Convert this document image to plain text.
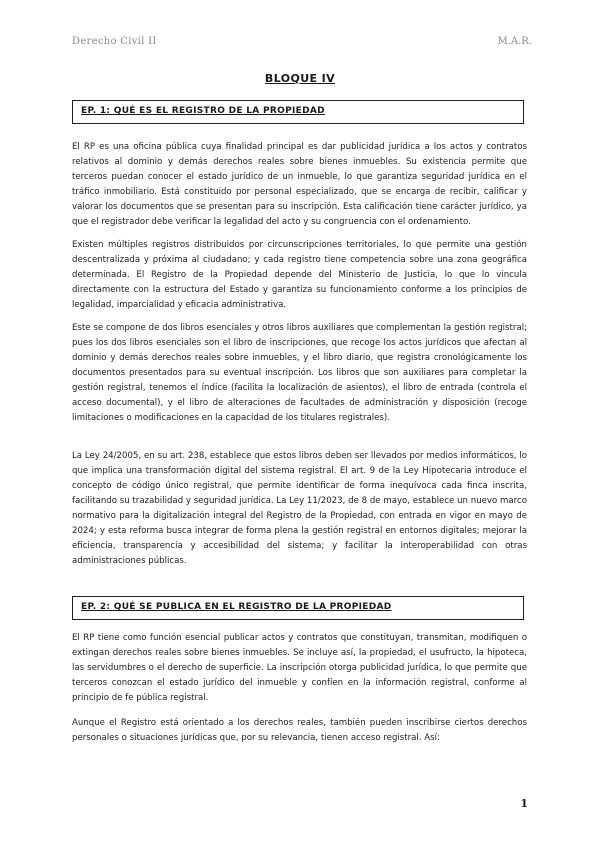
Derecho Civil II	M.A.R.
BLOQUE IV
EP. 1: QUÉ ES EL REGISTRO DE LA PROPIEDAD

El RP es una oficina pública cuya finalidad principal es dar publicidad jurídica a los actos y contratos relativos al dominio y demás derechos reales sobre bienes inmuebles. Su existencia permite que terceros puedan conocer el estado jurídico de un inmueble, lo que garantiza seguridad jurídica en el tráfico inmobiliario. Está constituido por personal especializado, que se encarga de recibir, calificar y valorar los documentos que se presentan para su inscripción. Esta calificación tiene carácter jurídico, ya que el registrador debe verificar la legalidad del acto y su congruencia con el ordenamiento.

Existen múltiples registros distribuidos por circunscripciones territoriales, lo que permite una gestión descentralizada y próxima al ciudadano; y cada registro tiene competencia sobre una zona geográfica determinada. El Registro de la Propiedad depende del Ministerio de Justicia, lo que lo vincula directamente con la estructura del Estado y garantiza su funcionamiento conforme a los principios de legalidad, imparcialidad y eficacia administrativa.

Este se compone de dos libros esenciales y otros libros auxiliares que complementan la gestión registral; pues los dos libros esenciales son el libro de inscripciones, que recoge los actos jurídicos que afectan al dominio y demás derechos reales sobre inmuebles, y el libro diario, que registra cronológicamente los documentos presentados para su eventual inscripción. Los libros que son auxiliares para completar la gestión registral, tenemos el índice (facilita la localización de asientos), el libro de entrada (controla el acceso documental), y el libro de alteraciones de facultades de administración y disposición (recoge limitaciones o modificaciones en la capacidad de los titulares registrales).

La Ley 24/2005, en su art. 238, establece que estos libros deben ser llevados por medios informáticos, lo que implica una transformación digital del sistema registral. El art. 9 de la Ley Hipotecaria introduce el concepto de código único registral, que permite identificar de forma inequívoca cada finca inscrita, facilitando su trazabilidad y seguridad jurídica. La Ley 11/2023, de 8 de mayo, establece un nuevo marco normativo para la digitalización integral del Registro de la Propiedad, con entrada en vigor en mayo de 2024; y esta reforma busca integrar de forma plena la gestión registral en entornos digitales; mejorar la eficiencia, transparencia y accesibilidad del sistema; y facilitar la interoperabilidad con otras administraciones públicas.

EP. 2: QUÉ SE PUBLICA EN EL REGISTRO DE LA PROPIEDAD

El RP tiene como función esencial publicar actos y contratos que constituyan, transmitan, modifiquen o extingan derechos reales sobre bienes inmuebles. Se incluye así, la propiedad, el usufructo, la hipoteca, las servidumbres o el derecho de superficie. La inscripción otorga publicidad jurídica, lo que permite que terceros conozcan el estado jurídico del inmueble y confíen en la información registral, conforme al principio de fe pública registral.

Aunque el Registro está orientado a los derechos reales, también pueden inscribirse ciertos derechos personales o situaciones jurídicas que, por su relevancia, tienen acceso registral. Así:

1
